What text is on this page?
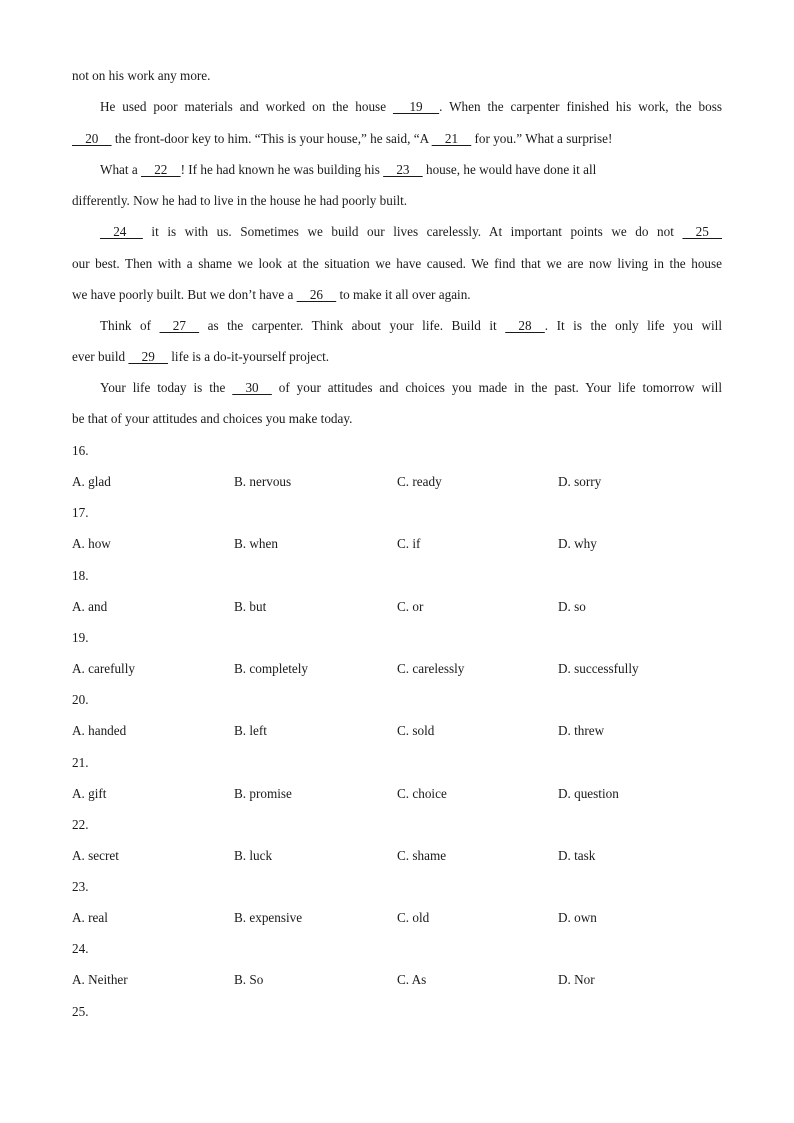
not on his work any more.
He used poor materials and worked on the house      19     . When the carpenter finished his work, the boss
20     the front-door key to him. “This is your house,” he said, “A     21     for you.” What a surprise!
What a     22    ! If he had known he was building his     23     house, he would have done it all
differently. Now he had to live in the house he had poorly built.
24      it is with us. Sometimes we build our lives carelessly. At important points we do not     25
our best. Then with a shame we look at the situation we have caused. We find that we are now living in the house
we have poorly built. But we don’t have a     26     to make it all over again.
Think of     27     as the carpenter. Think about your life. Build it     28    . It is the only life you will
ever build     29     life is a do-it-yourself project.
Your life today is the     30     of your attitudes and choices you made in the past. Your life tomorrow will
be that of your attitudes and choices you make today.
16.
A. glad	B. nervous	C. ready	D. sorry
17.
A. how	B. when	C. if	D. why
18.
A. and	B. but	C. or	D. so
19.
A. carefully	B. completely	C. carelessly	D. successfully
20.
A. handed	B. left	C. sold	D. threw
21.
A. gift	B. promise	C. choice	D. question
22.
A. secret	B. luck	C. shame	D. task
23.
A. real	B. expensive	C. old	D. own
24.
A. Neither	B. So	C. As	D. Nor
25.
